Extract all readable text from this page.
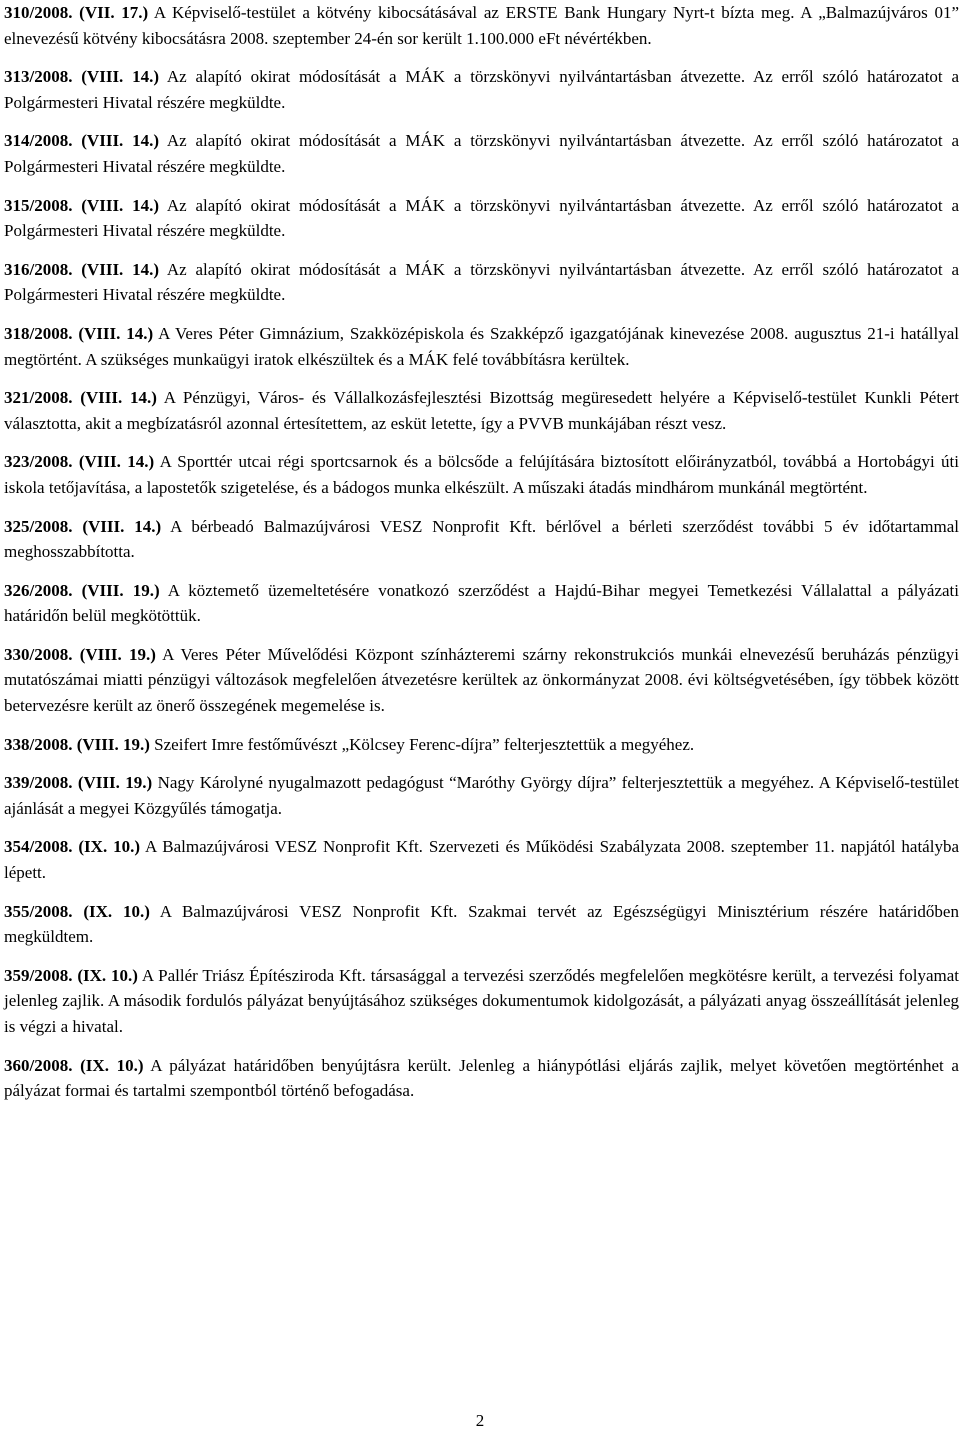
310/2008. (VII. 17.) A Képviselő-testület a kötvény kibocsátásával az ERSTE Bank Hungary Nyrt-t bízta meg. A „Balmazújváros 01” elnevezésű kötvény kibocsátásra 2008. szeptember 24-én sor került 1.100.000 eFt névértékben.

313/2008. (VIII. 14.) Az alapító okirat módosítását a MÁK a törzskönyvi nyilvántartásban átvezette. Az erről szóló határozatot a Polgármesteri Hivatal részére megküldte.

314/2008. (VIII. 14.) Az alapító okirat módosítását a MÁK a törzskönyvi nyilvántartásban átvezette. Az erről szóló határozatot a Polgármesteri Hivatal részére megküldte.

315/2008. (VIII. 14.) Az alapító okirat módosítását a MÁK a törzskönyvi nyilvántartásban átvezette. Az erről szóló határozatot a Polgármesteri Hivatal részére megküldte.

316/2008. (VIII. 14.) Az alapító okirat módosítását a MÁK a törzskönyvi nyilvántartásban átvezette. Az erről szóló határozatot a Polgármesteri Hivatal részére megküldte.

318/2008. (VIII. 14.) A Veres Péter Gimnázium, Szakközépiskola és Szakképző igazgatójának kinevezése 2008. augusztus 21-i hatállyal megtörtént. A szükséges munkaügyi iratok elkészültek és a MÁK felé továbbításra kerültek.

321/2008. (VIII. 14.) A Pénzügyi, Város- és Vállalkozásfejlesztési Bizottság megüresedett helyére a Képviselő-testület Kunkli Pétert választotta, akit a megbízatásról azonnal értesítettem, az esküt letette, így a PVVB munkájában részt vesz.

323/2008. (VIII. 14.) A Sporttér utcai régi sportcsarnok és a bölcsőde a felújítására biztosított előirányzatból, továbbá a Hortobágyi úti iskola tetőjavítása, a lapostetők szigetelése, és a bádogos munka elkészült. A műszaki átadás mindhárom munkánál megtörtént.

325/2008. (VIII. 14.) A bérbeadó Balmazújvárosi VESZ Nonprofit Kft. bérlővel a bérleti szerződést további 5 év időtartammal meghosszabbította.

326/2008. (VIII. 19.) A köztemető üzemeltetésére vonatkozó szerződést a Hajdú-Bihar megyei Temetkezési Vállalattal a pályázati határidőn belül megkötöttük.

330/2008. (VIII. 19.) A Veres Péter Művelődési Központ színházteremi szárny rekonstrukciós munkái elnevezésű beruházás pénzügyi mutatószámai miatti pénzügyi változások megfelelően átvezetésre kerültek az önkormányzat 2008. évi költségvetésében, így többek között betervezésre került az önerő összegének megemelése is.

338/2008. (VIII. 19.) Szeifert Imre festőművészt „Kölcsey Ferenc-díjra” felterjesztettük a megyéhez.

339/2008. (VIII. 19.) Nagy Károlyné nyugalmazott pedagógust “Maróthy György díjra” felterjesztettük a megyéhez. A Képviselő-testület ajánlását a megyei Közgyűlés támogatja.

354/2008. (IX. 10.) A Balmazújvárosi VESZ Nonprofit Kft. Szervezeti és Működési Szabályzata 2008. szeptember 11. napjától hatályba lépett.

355/2008. (IX. 10.) A Balmazújvárosi VESZ Nonprofit Kft. Szakmai tervét az Egészségügyi Minisztérium részére határidőben megküldtem.

359/2008. (IX. 10.) A Pallér Triász Építésziroda Kft. társasággal a tervezési szerződés megfelelően megkötésre került, a tervezési folyamat jelenleg zajlik. A második fordulós pályázat benyújtásához szükséges dokumentumok kidolgozását, a pályázati anyag összeállítását jelenleg is végzi a hivatal.

360/2008. (IX. 10.) A pályázat határidőben benyújtásra került. Jelenleg a hiánypótlási eljárás zajlik, melyet követően megtörténhet a pályázat formai és tartalmi szempontból történő befogadása.

2
